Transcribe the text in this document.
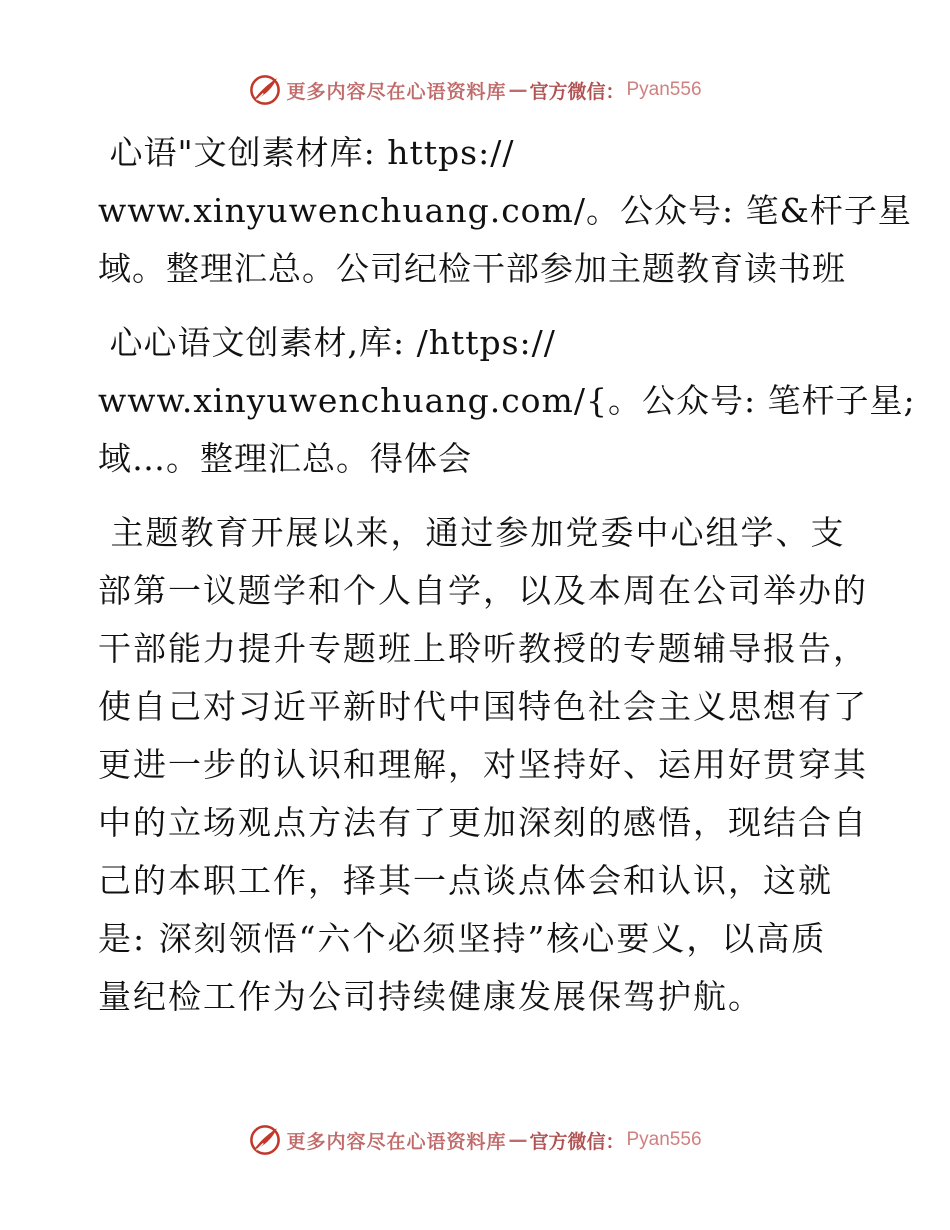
更多内容尽在心语资料库 — 官方微信： Pyan556
心语"文创素材库: https://
www.xinyuwenchuang.com/。公众号: 笔&杆子星
域。整理汇总。公司纪检干部参加主题教育读书班
心心语文创素材,库: /https://
www.xinyuwenchuang.com/{。公众号: 笔杆子星;
域…。整理汇总。得体会
主题教育开展以来，通过参加党委中心组学、支
部第一议题学和个人自学，以及本周在公司举办的
干部能力提升专题班上聆听教授的专题辅导报告，
使自己对习近平新时代中国特色社会主义思想有了
更进一步的认识和理解，对坚持好、运用好贯穿其
中的立场观点方法有了更加深刻的感悟，现结合自
己的本职工作，择其一点谈点体会和认识，这就
是: 深刻领悟“六个必须坚持”核心要义，以高质
量纪检工作为公司持续健康发展保驾护航。
更多内容尽在心语资料库 — 官方微信： Pyan556
